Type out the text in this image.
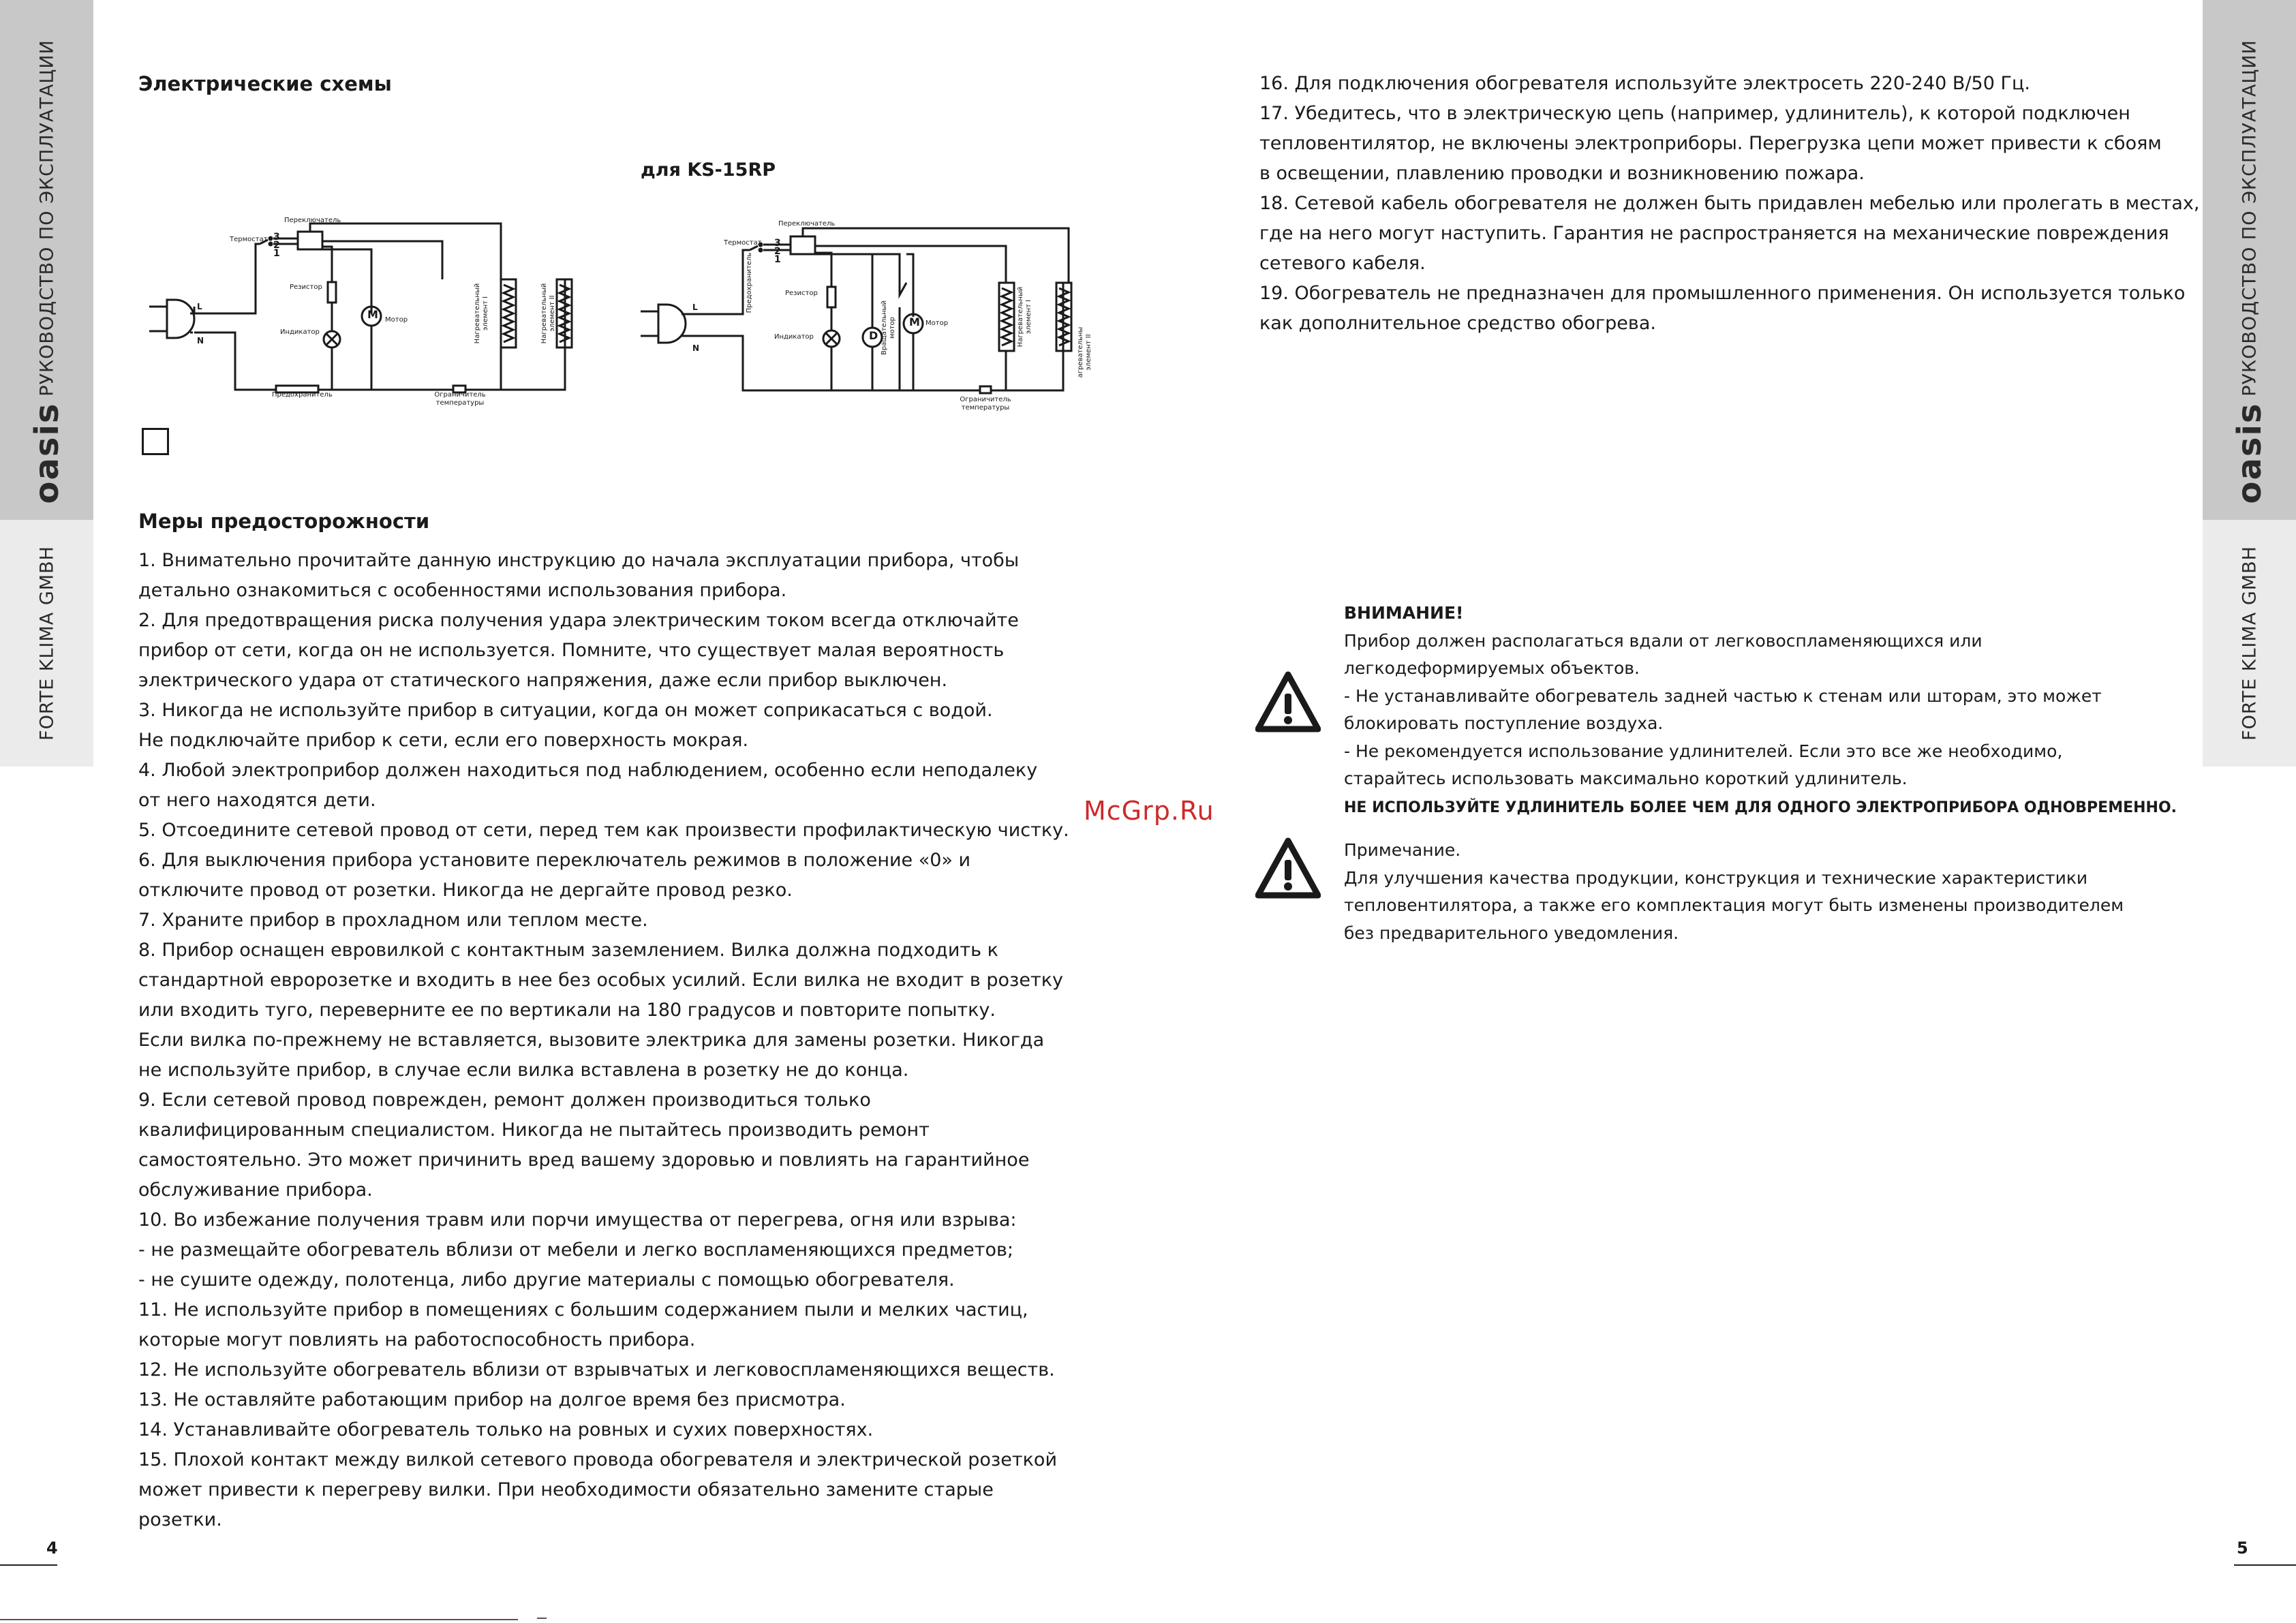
РУКОВОДСТВО ПО ЭКСПЛУАТАЦИИ
oasis
FORTE KLIMA GMBH
РУКОВОДСТВО ПО ЭКСПЛУАТАЦИИ
oasis
FORTE KLIMA GMBH
Электрические схемы
для KS-15RP
Переключатель
Термостат 3
2
1
Резистор
Мотор
Индикатор
M
L
N
Предохранитель	Ограничитель температуры
Нагревательный элемент I	Нагревательный элемент II
Переключатель
Термостат
Предохранитель
3
2
1
Резистор
Индикатор	D
M
Вращательный мотор	Мотор
L
N
Нагревательный элемент I
агревательны элемент II
Ограничитель температуры
Меры предосторожности

1. Внимательно прочитайте данную инструкцию до начала эксплуатации прибора, чтобы

детально ознакомиться с особенностями использования прибора.

2. Для предотвращения риска получения удара электрическим током всегда отключайте

прибор от сети, когда он не используется. Помните, что существует малая вероятность

электрического удара от статического напряжения, даже если прибор выключен.

3. Никогда не используйте прибор в ситуации, когда он может соприкасаться с водой.

Не подключайте прибор к сети, если его поверхность мокрая.

4. Любой электроприбор должен находиться под наблюдением, особенно если неподалеку

от него находятся дети.

5. Отсоедините сетевой провод от сети, перед тем как произвести профилактическую чистку.

6. Для выключения прибора установите переключатель режимов в положение «0» и

отключите провод от розетки. Никогда не дергайте провод резко.

7. Храните прибор в прохладном или теплом месте.

8. Прибор оснащен евровилкой с контактным заземлением. Вилка должна подходить к

стандартной евророзетке и входить в нее без особых усилий. Если вилка не входит в розетку

или входить туго, переверните ее по вертикали на 180 градусов и повторите попытку.

Если вилка по-прежнему не вставляется, вызовите электрика для замены розетки. Никогда

не используйте прибор, в случае если вилка вставлена в розетку не до конца.

9. Если сетевой провод поврежден, ремонт должен производиться только

квалифицированным специалистом. Никогда не пытайтесь производить ремонт

самостоятельно. Это может причинить вред вашему здоровью и повлиять на гарантийное

обслуживание прибора.

10. Во избежание получения травм или порчи имущества от перегрева, огня или взрыва:

- не размещайте обогреватель вблизи от мебели и легко воспламеняющихся предметов;

- не сушите одежду, полотенца, либо другие материалы с помощью обогревателя.

11. Не используйте прибор в помещениях с большим содержанием пыли и мелких частиц,

которые могут повлиять на работоспособность прибора.

12. Не используйте обогреватель вблизи от взрывчатых и легковоспламеняющихся веществ.

13. Не оставляйте работающим прибор на долгое время без присмотра.

14. Устанавливайте обогреватель только на ровных и сухих поверхностях.

15. Плохой контакт между вилкой сетевого провода обогревателя и электрической розеткой

может привести к перегреву вилки. При необходимости обязательно замените старые

розетки.

4
McGrp.Ru

16. Для подключения обогревателя используйте электросеть 220-240 В/50 Гц.

17. Убедитесь, что в электрическую цепь (например, удлинитель), к которой подключен

тепловентилятор, не включены электроприборы. Перегрузка цепи может привести к сбоям

в освещении, плавлению проводки и возникновению пожара.

18. Сетевой кабель обогревателя не должен быть придавлен мебелью или пролегать в местах,

где на него могут наступить. Гарантия не распространяется на механические повреждения

сетевого кабеля.

19. Обогреватель не предназначен для промышленного применения. Он используется только

как дополнительное средство обогрева.

ВНИМАНИЕ!

Прибор должен располагаться вдали от легковоспламеняющихся или

легкодеформируемых объектов.

- Не устанавливайте обогреватель задней частью к стенам или шторам, это может

блокировать поступление воздуха.

- Не рекомендуется использование удлинителей. Если это все же необходимо,

старайтесь использовать максимально короткий удлинитель.

НЕ ИСПОЛЬЗУЙТЕ УДЛИНИТЕЛЬ БОЛЕЕ ЧЕМ ДЛЯ ОДНОГО ЭЛЕКТРОПРИБОРА ОДНОВРЕМЕННО.

Примечание.

Для улучшения качества продукции, конструкция и технические характеристики

тепловентилятора, а также его комплектация могут быть изменены производителем

без предварительного уведомления.

5
